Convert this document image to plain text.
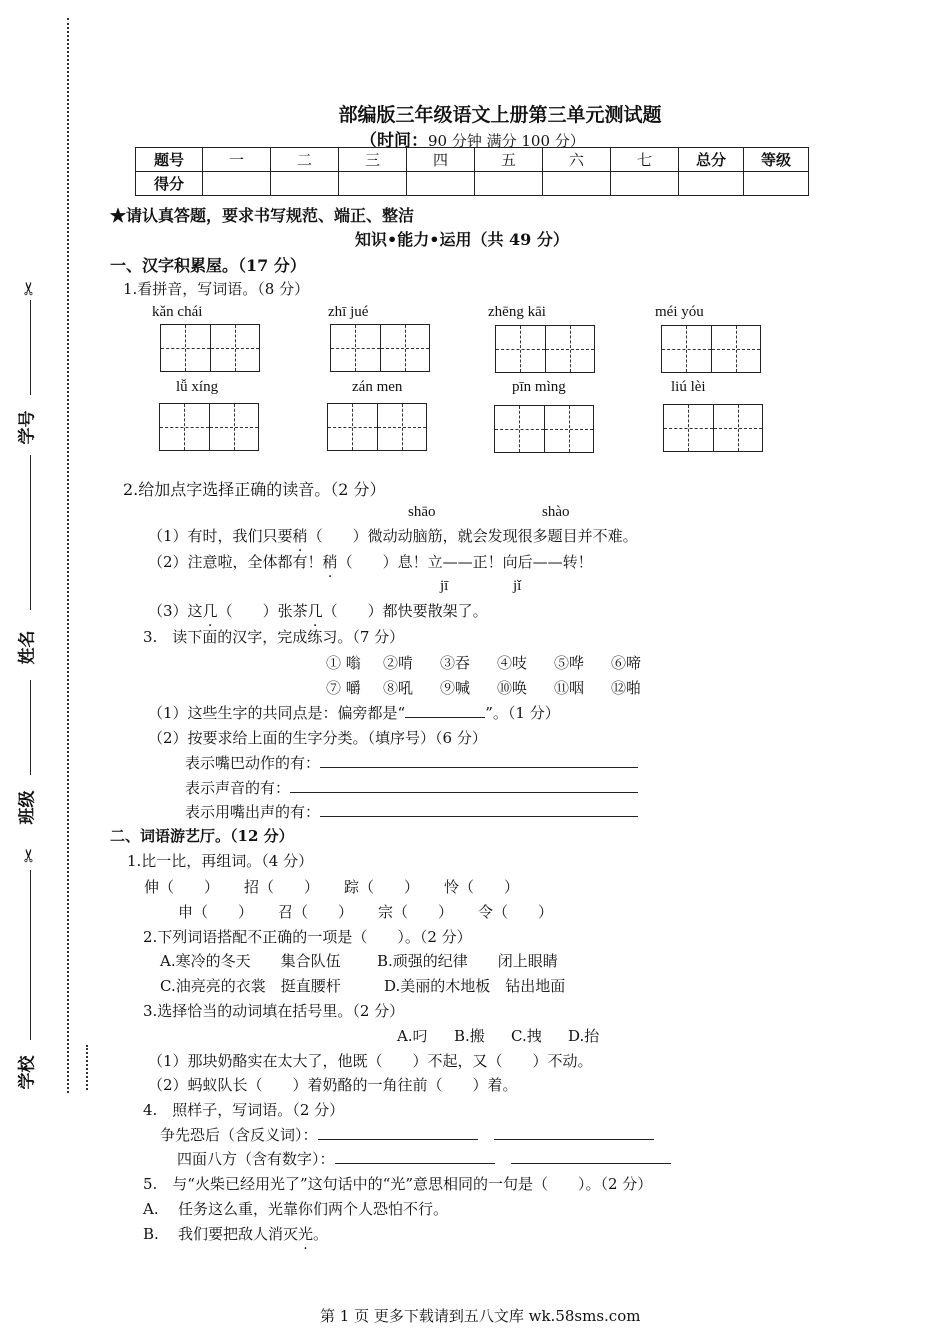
✂
✂
学号
姓名
班级
学校
部编版三年级语文上册第三单元测试题
（时间：90 分钟 满分 100 分）
题号	一	二	三	四	五	六	七	总分	等级
得分									
★请认真答题，要求书写规范、端正、整洁
知识•能力•运用（共 49 分）
一、汉字积累屋。（17 分）
1.看拼音，写词语。（8 分）
kǎn chái	zhī jué	zhēng kāi	méi yóu
lǚ xíng	zán men	pīn mìng	liú lèi
2.给加点字选择正确的读音。（2 分）
shāo	shào
（1）有时，我们只要稍（　　）微动动脑筋，就会发现很多题目并不难。
（2）注意啦，全体都有！稍（　　）息！立——正！向后——转！
jī	jǐ
（3）这几（　　）张茶几（　　）都快要散架了。
3.　读下面的汉字，完成练习。（7 分）
① 嗡 ②啃 ③吞 ④吱 ⑤哗 ⑥啼
⑦ 嚼 ⑧吼 ⑨喊 ⑩唤 ⑪咽 ⑫啪
（1）这些生字的共同点是：偏旁都是“	”。（1 分）
（2）按要求给上面的生字分类。（填序号）（6 分）
表示嘴巴动作的有：
表示声音的有：
表示用嘴出声的有：
二、词语游艺厅。（12 分）
1.比一比，再组词。（4 分）
伸（　　） 招（　　） 踪（　　） 怜（　　）
申（　　） 召（　　） 宗（　　） 令（　　）
2.下列词语搭配不正确的一项是（　　）。（2 分）
A.寒冷的冬天　　集合队伍 B.顽强的纪律　　闭上眼睛
C.油亮亮的衣裳　挺直腰杆	D.美丽的木地板　钻出地面
3.选择恰当的动词填在括号里。（2 分）
A.叼 B.搬 C.拽 D.抬
（1）那块奶酪实在太大了，他既（　　）不起，又（　　）不动。
（2）蚂蚁队长（　　）着奶酪的一角往前（　　）着。
4.　照样子，写词语。（2 分）
争先恐后（含反义词）：
四面八方（含有数字）：
5.　与“火柴已经用光了”这句话中的“光”意思相同的一句是（　　）。（2 分）
A. 任务这么重，光靠你们两个人恐怕不行。
B. 我们要把敌人消灭光。
第 1 页 更多下载请到五八文库 wk.58sms.com
